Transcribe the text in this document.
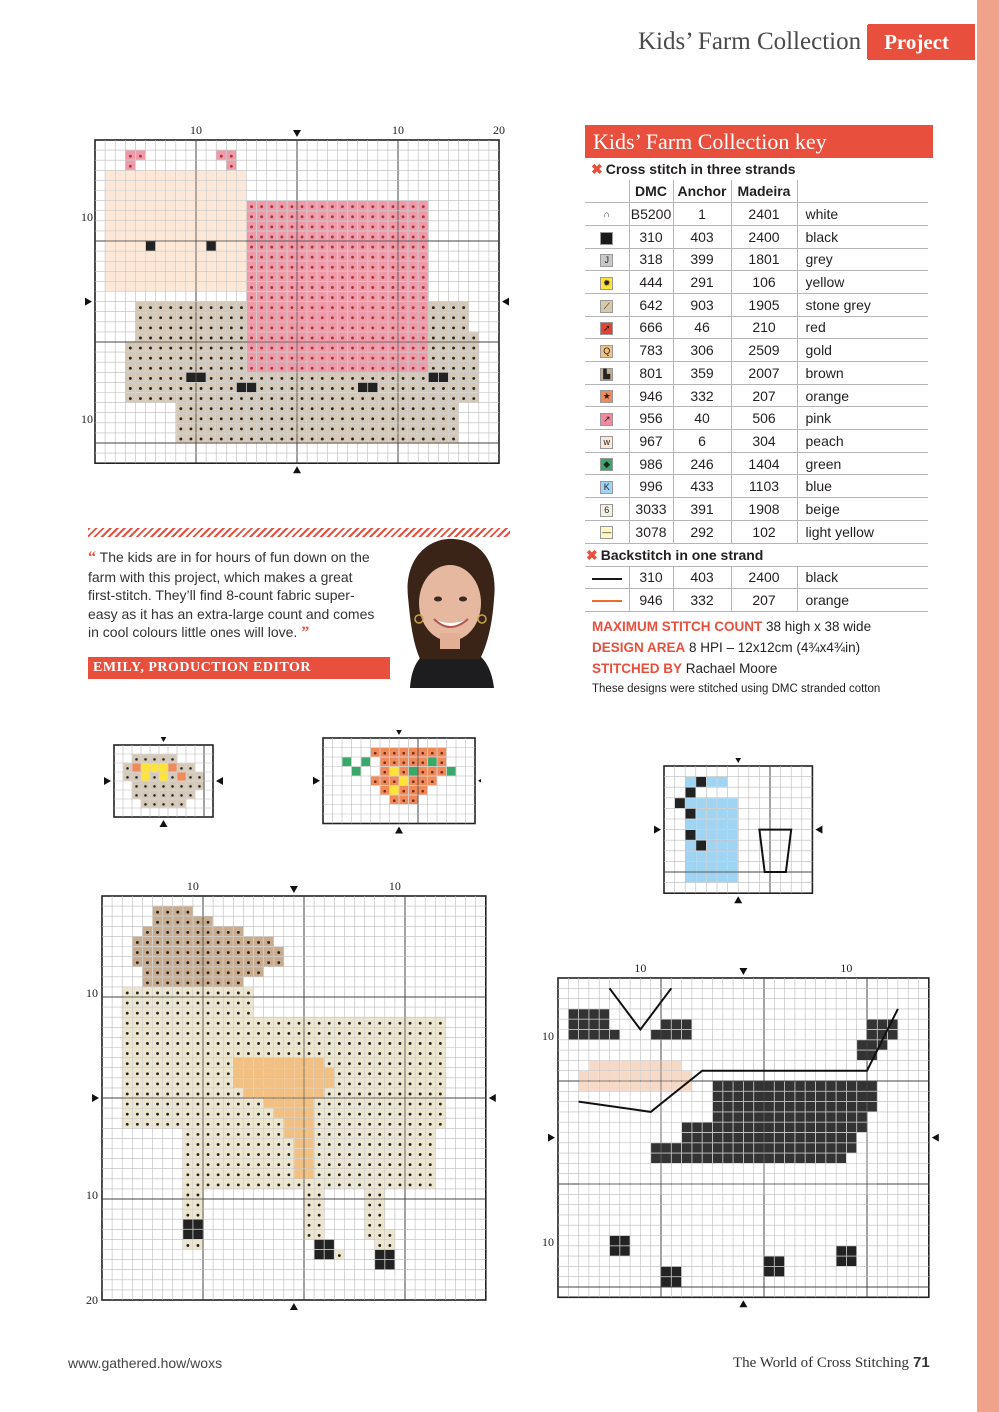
Kids’ Farm Collection	Project
10	10	20
10
10
10	10
10
10
20
10	10
10
10
Kids’ Farm Collection key
✖ Cross stitch in three strands
	DMC	Anchor	Madeira	
∩	B5200	1	2401	white
	310	403	2400	black
J	318	399	1801	grey
✹	444	291	106	yellow
⟋	642	903	1905	stone grey
➚	666	46	210	red
Q	783	306	2509	gold
▙	801	359	2007	brown
★	946	332	207	orange
↗	956	40	506	pink
w	967	6	304	peach
◆	986	246	1404	green
K	996	433	1103	blue
6	3033	391	1908	beige
—	3078	292	102	light yellow

✖ Backstitch in one strand				

	310	403	2400	black
	946	332	207	orange
MAXIMUM STITCH COUNT 38 high x 38 wide
DESIGN AREA 8 HPI – 12x12cm (4¾x4¾in)
STITCHED BY Rachael Moore
These designs were stitched using DMC stranded cotton
“ The kids are in for hours of fun down on the farm with this project, which makes a great first-stitch. They’ll find 8-count fabric super-easy as it has an extra-large count and comes in cool colours little ones will love. ”
EMILY, PRODUCTION EDITOR
www.gathered.how/woxs	The World of Cross Stitching 71
